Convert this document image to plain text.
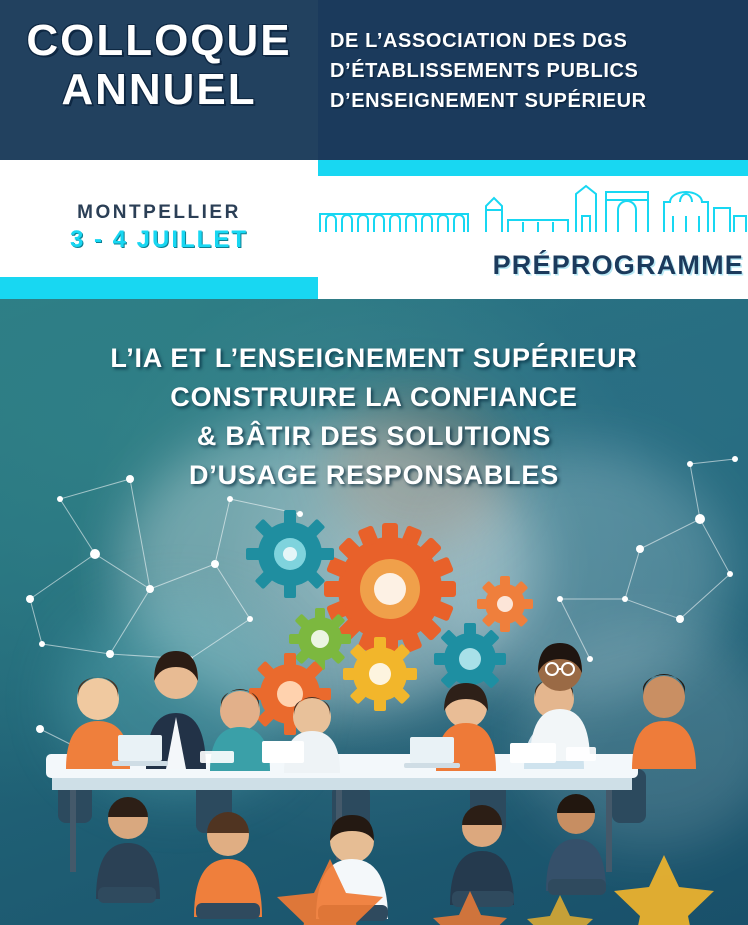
COLLOQUE
ANNUEL
DE L’ASSOCIATION DES DGS
D’ÉTABLISSEMENTS PUBLICS
D’ENSEIGNEMENT SUPÉRIEUR
MONTPELLIER
3 - 4 JUILLET
PRÉPROGRAMME
L’IA ET L’ENSEIGNEMENT SUPÉRIEUR
CONSTRUIRE LA CONFIANCE
& BÂTIR DES SOLUTIONS
D’USAGE RESPONSABLES
